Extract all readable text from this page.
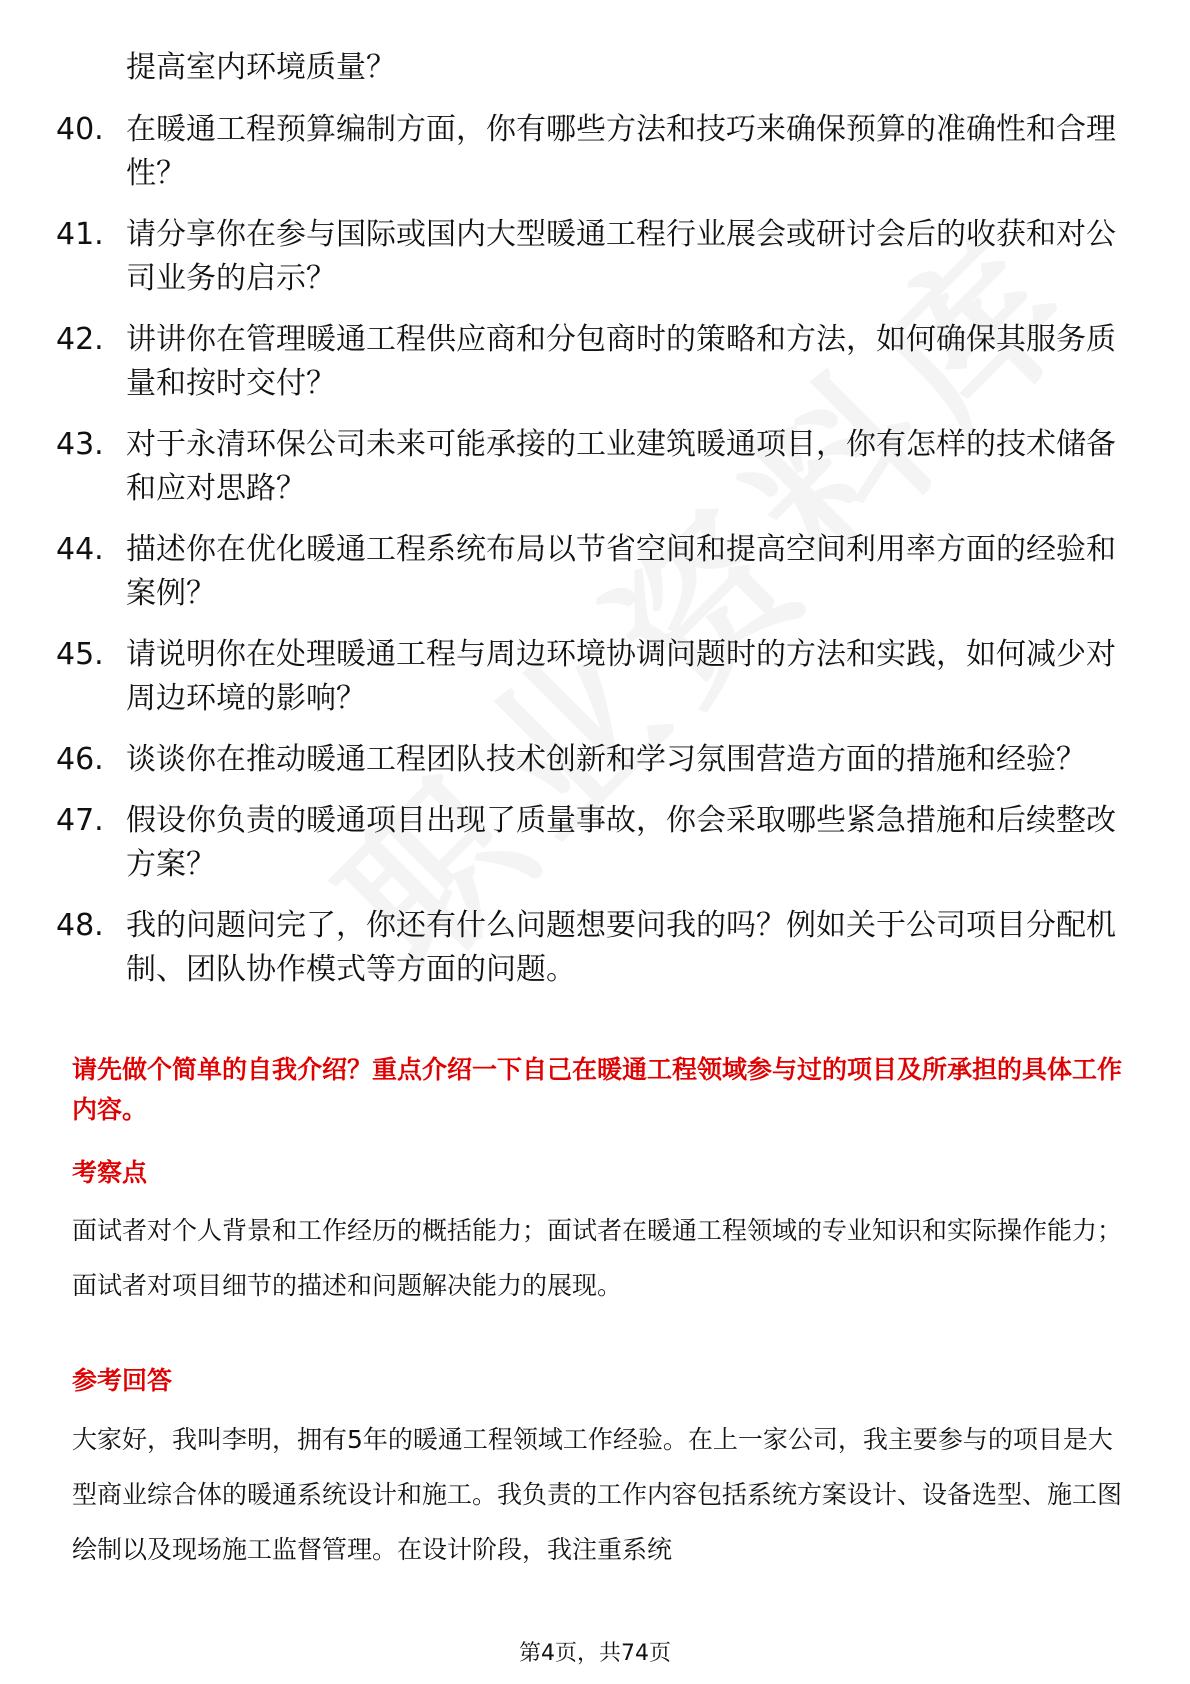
提高室内环境质量？
40. 在暖通工程预算编制方面，你有哪些方法和技巧来确保预算的准确性和合理性？
41. 请分享你在参与国际或国内大型暖通工程行业展会或研讨会后的收获和对公司业务的启示？
42. 讲讲你在管理暖通工程供应商和分包商时的策略和方法，如何确保其服务质量和按时交付？
43. 对于永清环保公司未来可能承接的工业建筑暖通项目，你有怎样的技术储备和应对思路？
44. 描述你在优化暖通工程系统布局以节省空间和提高空间利用率方面的经验和案例？
45. 请说明你在处理暖通工程与周边环境协调问题时的方法和实践，如何减少对周边环境的影响？
46. 谈谈你在推动暖通工程团队技术创新和学习氛围营造方面的措施和经验？
47. 假设你负责的暖通项目出现了质量事故，你会采取哪些紧急措施和后续整改方案？
48. 我的问题问完了，你还有什么问题想要问我的吗？例如关于公司项目分配机制、团队协作模式等方面的问题。
请先做个简单的自我介绍？重点介绍一下自己在暖通工程领域参与过的项目及所承担的具体工作内容。
考察点
面试者对个人背景和工作经历的概括能力；面试者在暖通工程领域的专业知识和实际操作能力；面试者对项目细节的描述和问题解决能力的展现。
参考回答
大家好，我叫李明，拥有5年的暖通工程领域工作经验。在上一家公司，我主要参与的项目是大型商业综合体的暖通系统设计和施工。我负责的工作内容包括系统方案设计、设备选型、施工图绘制以及现场施工监督管理。在设计阶段，我注重系统
第4页，共74页
